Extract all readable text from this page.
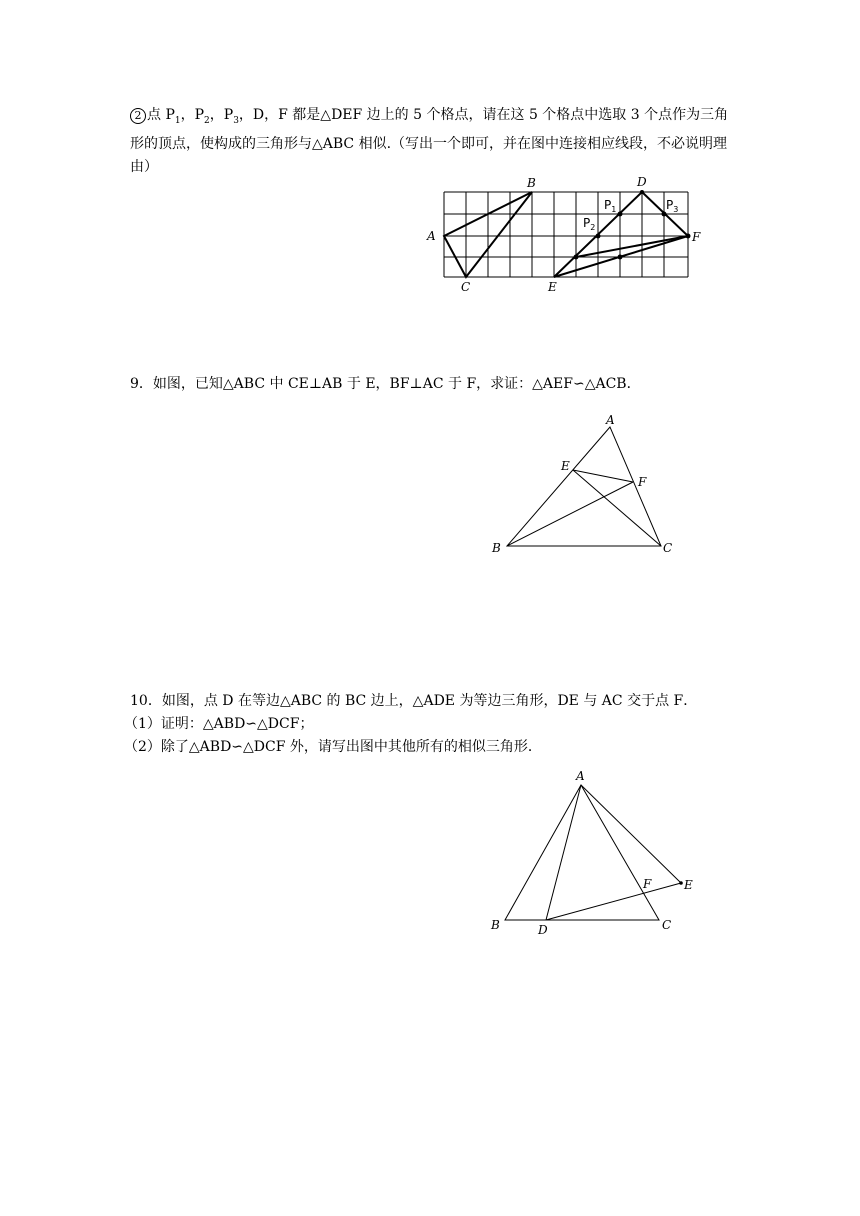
2 点 $P_1$，$P_2$，$P_3$，D，F 都是△DEF 边上的 5 个格点，请在这 5 个格点中选取 3 个点作为三角形的顶点，使构成的三角形与△ABC 相似.（写出一个即可，并在图中连接相应线段，不必说明理由）

A
B
C
D
E
F
$P_1$
$P_2$
$P_3$

9．如图，已知△ABC 中 CE⊥AB 于 E，BF⊥AC 于 F，求证：△AEF∽△ACB．

A
B	C
E
F

10．如图，点 D 在等边△ABC 的 BC 边上，△ADE 为等边三角形，DE 与 AC 交于点 F．

（1）证明：△ABD∽△DCF；

（2）除了△ABD∽△DCF 外，请写出图中其他所有的相似三角形．

A
B	C
D
E
F
